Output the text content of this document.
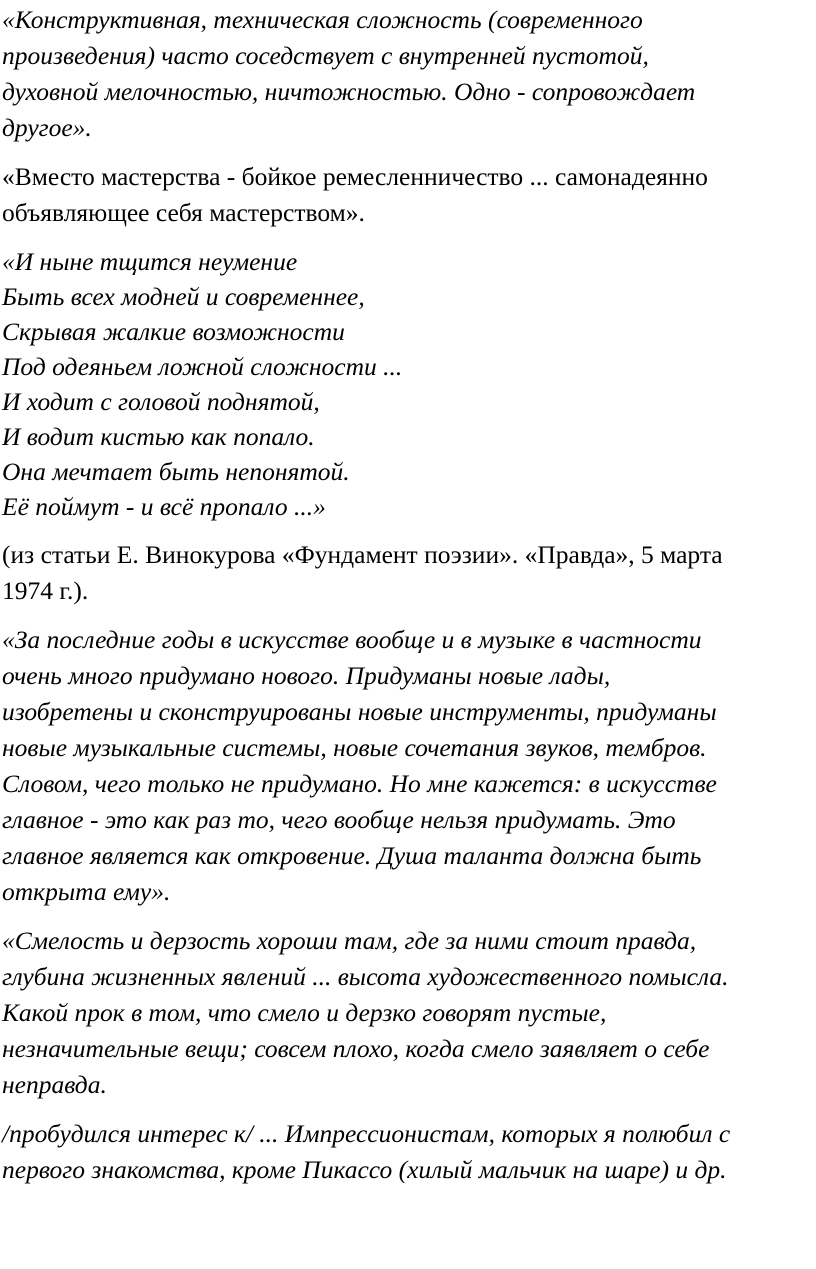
«Конструктивная, техническая сложность (современного
произведения) часто соседствует с внутренней пустотой,
духовной мелочностью, ничтожностью. Одно - сопровождает
другое».
«Вместо мастерства - бойкое ремесленничество ... самонадеянно
объявляющее себя мастерством».
«И ныне тщится неумение
Быть всех модней и современнее,
Скрывая жалкие возможности
Под одеяньем ложной сложности ...
И ходит с головой поднятой,
И водит кистью как попало.
Она мечтает быть непонятой.
Её поймут - и всё пропало ...»
(из статьи Е. Винокурова «Фундамент поэзии». «Правда», 5 марта
1974 г.).
«За последние годы в искусстве вообще и в музыке в частности
очень много придумано нового. Придуманы новые лады,
изобретены и сконструированы новые инструменты, придуманы
новые музыкальные системы, новые сочетания звуков, тембров.
Словом, чего только не придумано. Но мне кажется: в искусстве
главное - это как раз то, чего вообще нельзя придумать. Это
главное является как откровение. Душа таланта должна быть
открыта ему».
«Смелость и дерзость хороши там, где за ними стоит правда,
глубина жизненных явлений ... высота художественного помысла.
Какой прок в том, что смело и дерзко говорят пустые,
незначительные вещи; совсем плохо, когда смело заявляет о себе
неправда.
/пробудился интерес к/ ... Импрессионистам, которых я полюбил с
первого знакомства, кроме Пикассо (хилый мальчик на шаре) и др.
